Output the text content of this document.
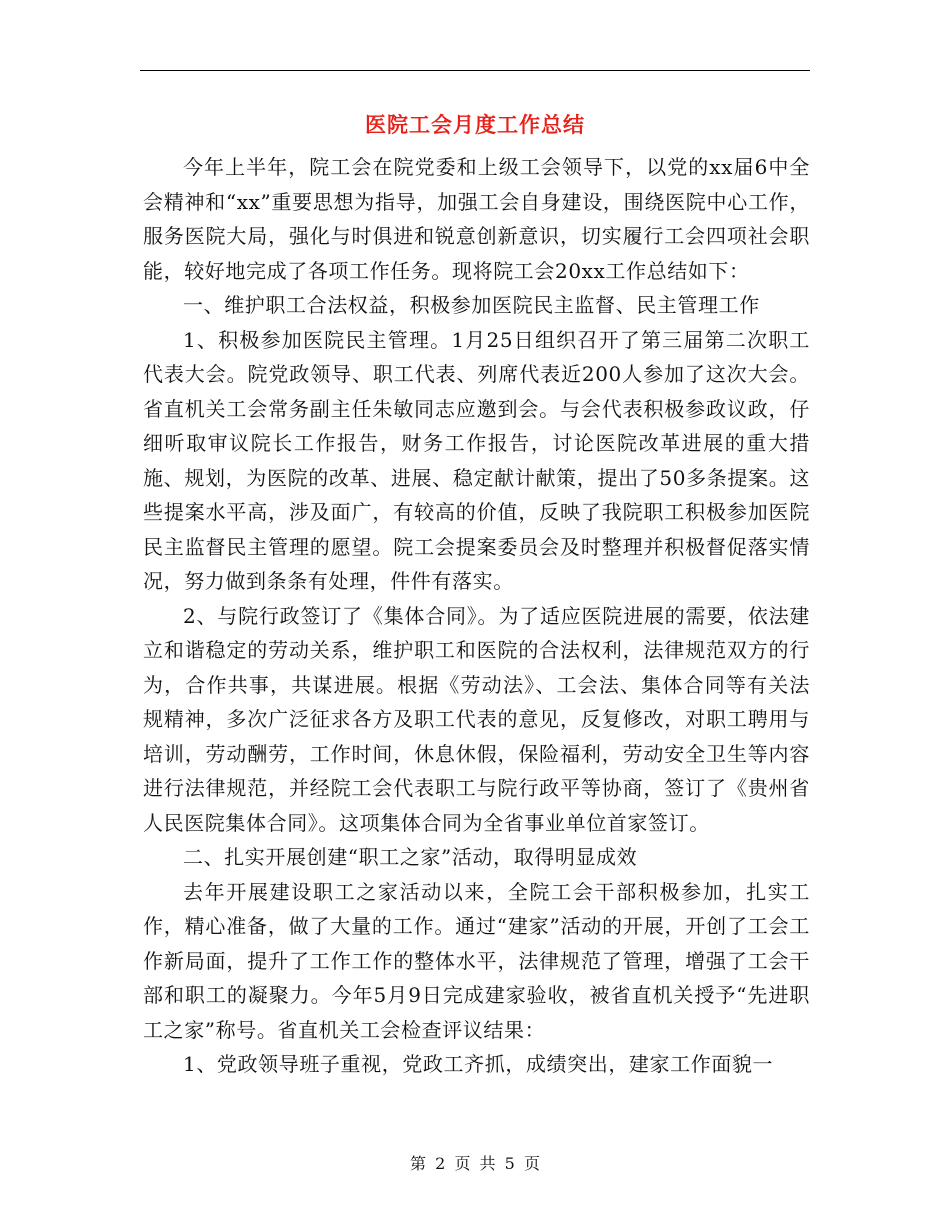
医院工会月度工作总结

今年上半年，院工会在院党委和上级工会领导下，以党的xx届6中全会精神和“xx”重要思想为指导，加强工会自身建设，围绕医院中心工作，服务医院大局，强化与时俱进和锐意创新意识，切实履行工会四项社会职能，较好地完成了各项工作任务。现将院工会20xx工作总结如下：

一、维护职工合法权益，积极参加医院民主监督、民主管理工作

1、积极参加医院民主管理。1月25日组织召开了第三届第二次职工代表大会。院党政领导、职工代表、列席代表近200人参加了这次大会。省直机关工会常务副主任朱敏同志应邀到会。与会代表积极参政议政，仔细听取审议院长工作报告，财务工作报告，讨论医院改革进展的重大措施、规划，为医院的改革、进展、稳定献计献策，提出了50多条提案。这些提案水平高，涉及面广，有较高的价值，反映了我院职工积极参加医院民主监督民主管理的愿望。院工会提案委员会及时整理并积极督促落实情况，努力做到条条有处理，件件有落实。

2、与院行政签订了《集体合同》。为了适应医院进展的需要，依法建立和谐稳定的劳动关系，维护职工和医院的合法权利，法律规范双方的行为，合作共事，共谋进展。根据《劳动法》、工会法、集体合同等有关法规精神，多次广泛征求各方及职工代表的意见，反复修改，对职工聘用与培训，劳动酬劳，工作时间，休息休假，保险福利，劳动安全卫生等内容进行法律规范，并经院工会代表职工与院行政平等协商，签订了《贵州省人民医院集体合同》。这项集体合同为全省事业单位首家签订。

二、扎实开展创建“职工之家”活动，取得明显成效

去年开展建设职工之家活动以来，全院工会干部积极参加，扎实工作，精心准备，做了大量的工作。通过“建家”活动的开展，开创了工会工作新局面，提升了工作工作的整体水平，法律规范了管理，增强了工会干部和职工的凝聚力。今年5月9日完成建家验收，被省直机关授予“先进职工之家”称号。省直机关工会检查评议结果：

1、党政领导班子重视，党政工齐抓，成绩突出，建家工作面貌一

第 2 页 共 5 页
